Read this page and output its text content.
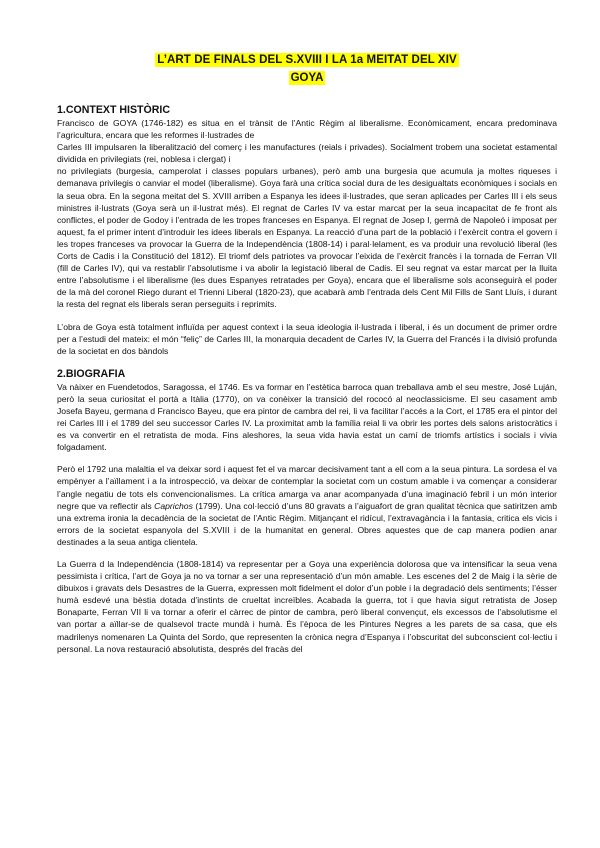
L’ART DE FINALS DEL S.XVIII I LA 1a MEITAT DEL XIV
GOYA
1.CONTEXT HISTÒRIC

Francisco de GOYA (1746-182) es situa en el trànsit de l’Antic Règim al liberalisme. Econòmicament, encara predominava l’agricultura, encara que les reformes il·lustrades de
Carles III impulsaren la liberalització del comerç i les manufactures (reials i privades). Socialment trobem una societat estamental dividida en privilegiats (rei, noblesa i clergat) i
no privilegiats (burgesia, camperolat i classes populars urbanes), però amb una burgesia que acumula ja moltes riqueses i demanava privilegis o canviar el model (liberalisme). Goya farà una crítica social dura de les desigualtats econòmiques i socials en la seua obra. En la segona meitat del S. XVIII arriben a Espanya les idees il·lustrades, que seran aplicades per Carles III i els seus ministres il·lustrats (Goya serà un il·lustrat més). El regnat de Carles IV va estar marcat per la seua incapacitat de fe front als conflictes, el poder de Godoy i l’entrada de les tropes franceses en Espanya. El regnat de Josep I, germà de Napoleó i imposat per aquest, fa el primer intent d’introduir les idees liberals en Espanya. La reacció d’una part de la població i l’exèrcit contra el govern i les tropes franceses va provocar la Guerra de la Independència (1808-14) i paral·lelament, es va produir una revolució liberal (les Corts de Cadis i la Constitució del 1812). El triomf dels patriotes va provocar l’eixida de l’exèrcit francès i la tornada de Ferran VII (fill de Carles IV), qui va restablir l’absolutisme i va abolir la legistació liberal de Cadis. El seu regnat va estar marcat per la lluita entre l’absolutisme i el liberalisme (les dues Espanyes retratades per Goya), encara que el liberalisme sols aconseguirà el poder de la mà del coronel Riego durant el Trienni Liberal (1820-23), que acabarà amb l’entrada dels Cent Mil Fills de Sant Lluís, i durant la resta del regnat els liberals seran perseguits i reprimits.

L’obra de Goya està totalment influïda per aquest context i la seua ideologia il·lustrada i liberal, i és un document de primer ordre per a l’estudi del mateix: el món “feliç” de Carles III, la monarquia decadent de Carles IV, la Guerra del Francés i la divisió profunda de la societat en dos bàndols

2.BIOGRAFIA

Va nàixer en Fuendetodos, Saragossa, el 1746. Es va formar en l’estètica barroca quan treballava amb el seu mestre, José Luján, però la seua curiositat el portà a Itàlia (1770), on va conèixer la transició del rococó al neoclassicisme. El seu casament amb Josefa Bayeu, germana d Francisco Bayeu, que era pintor de cambra del rei, li va facilitar l’accés a la Cort, el 1785 era el pintor del rei Carles III i el 1789 del seu successor Carles IV. La proximitat amb la família reial li va obrir les portes dels salons aristocràtics i es va convertir en el retratista de moda. Fins aleshores, la seua vida havia estat un camí de triomfs artístics i socials i vivia folgadament.

Però el 1792 una malaltia el va deixar sord i aquest fet el va marcar decisivament tant a ell com a la seua pintura. La sordesa el va empènyer a l’aïllament i a la introspecció, va deixar de contemplar la societat com un costum amable i va començar a considerar l’angle negatiu de tots els convencionalismes. La crítica amarga va anar acompanyada d’una imaginació febril i un món interior negre que va reflectir als Caprichos (1799). Una col·lecció d’uns 80 gravats a l’aiguafort de gran qualitat tècnica que satiritzen amb una extrema ironia la decadència de la societat de l’Antic Règim. Mitjançant el ridícul, l’extravagància i la fantasia, critica els vicis i errors de la societat espanyola del S.XVIII i de la humanitat en general. Obres aquestes que de cap manera podien anar destinades a la seua antiga clientela.

La Guerra d la Independència (1808-1814) va representar per a Goya una experiència dolorosa que va intensificar la seua vena pessimista i crítica, l’art de Goya ja no va tornar a ser una representació d’un món amable. Les escenes del 2 de Maig i la sèrie de dibuixos i gravats dels Desastres de la Guerra, expressen molt fidelment el dolor d’un poble i la degradació dels sentiments; l’ésser humà esdevé una bèstia dotada d’instints de crueltat increïbles. Acabada la guerra, tot i que havia sigut retratista de Josep Bonaparte, Ferran VII li va tornar a oferir el càrrec de pintor de cambra, però liberal convençut, els excessos de l’absolutisme el van portar a aïllar-se de qualsevol tracte mundà i humà. És l’època de les Pintures Negres a les parets de sa casa, que els madrilenys nomenaren La Quinta del Sordo, que representen la crònica negra d’Espanya i l’obscuritat del subconscient col·lectiu i personal. La nova restauració absolutista, després del fracàs del
